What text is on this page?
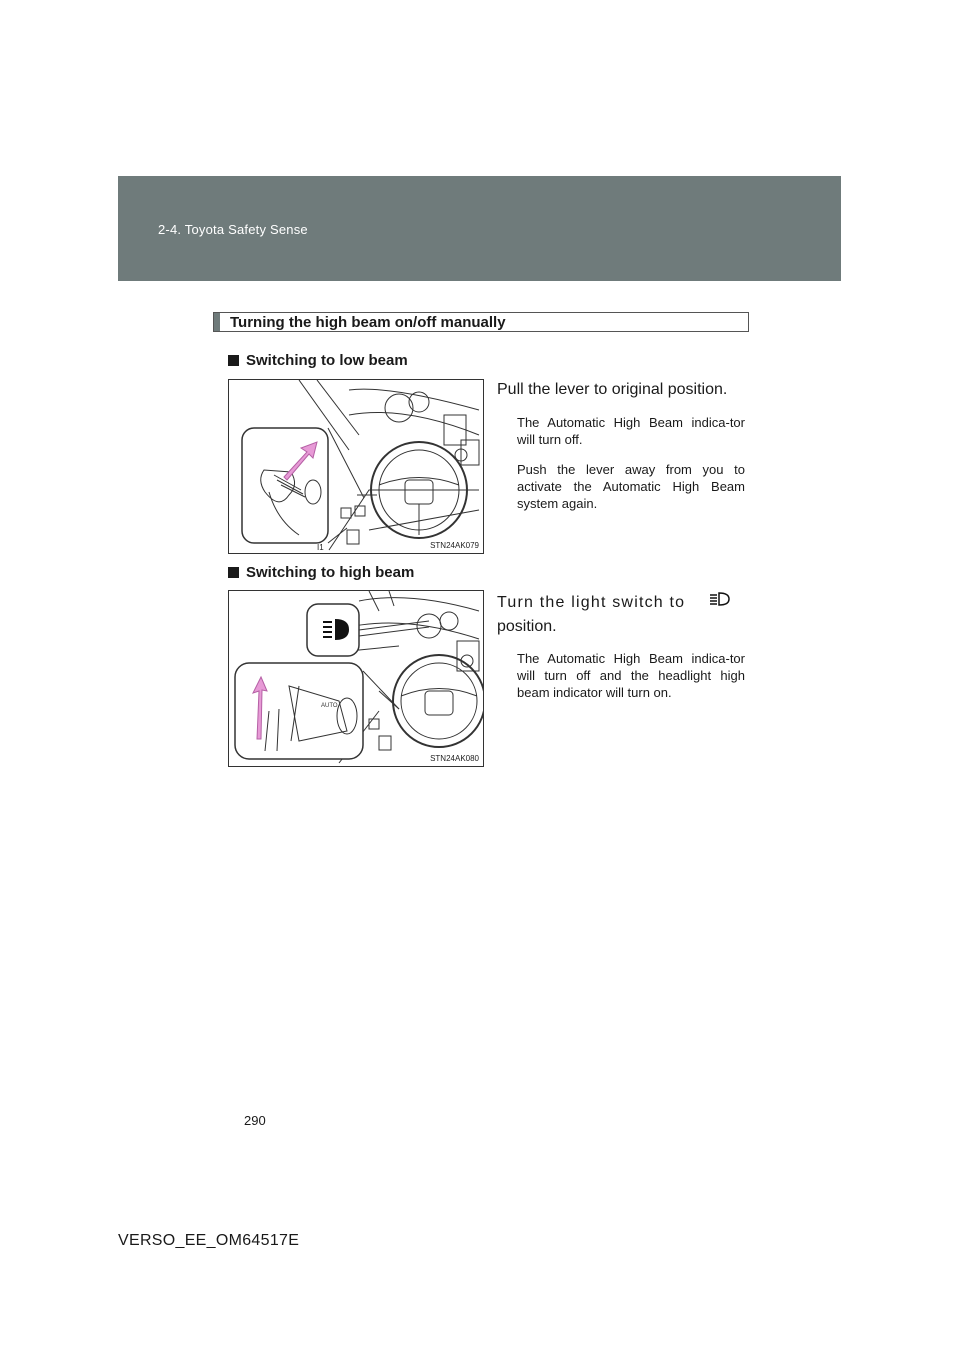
2-4. Toyota Safety Sense
Turning the high beam on/off manually
Switching to low beam
I1	STN24AK079
Pull the lever to original position.
The Automatic High Beam indica-tor will turn off.
Push the lever away from you to activate the Automatic High Beam system again.
Switching to high beam
AUTO
STN24AK080
Turn the light switch to
position.
The Automatic High Beam indica-tor will turn off and the headlight high beam indicator will turn on.
290
VERSO_EE_OM64517E
